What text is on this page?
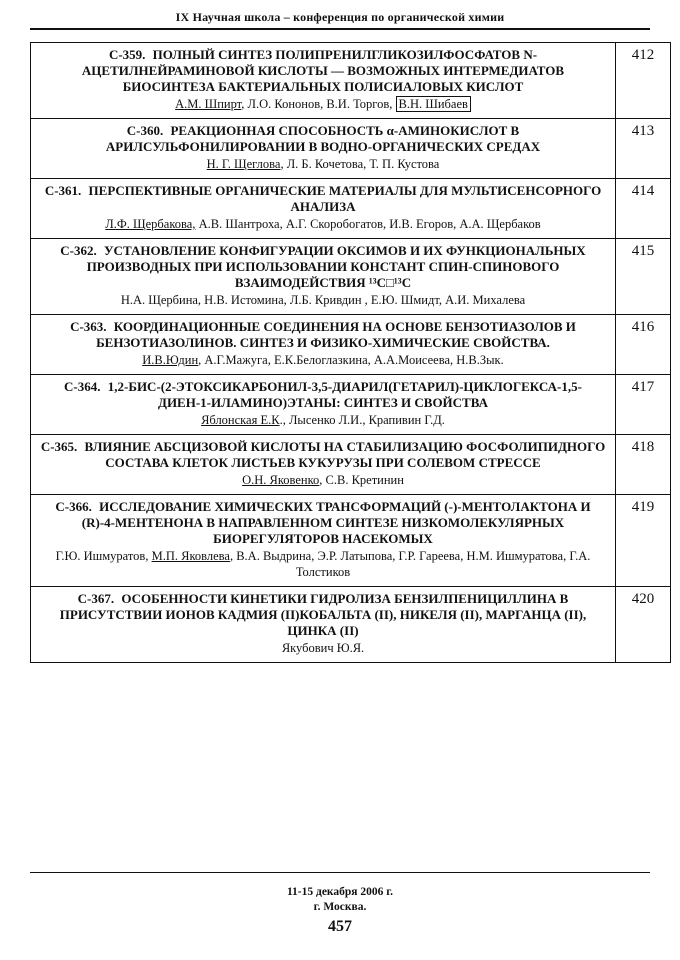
IX Научная школа – конференция по органической химии
С-359. ПОЛНЫЙ СИНТЕЗ ПОЛИПРЕНИЛГЛИКОЗИЛФОСФАТОВ N-АЦЕТИЛНЕЙРАМИНОВОЙ КИСЛОТЫ — ВОЗМОЖНЫХ ИНТЕРМЕДИАТОВ БИОСИНТЕЗА БАКТЕРИАЛЬНЫХ ПОЛИСИАЛОВЫХ КИСЛОТ
А.М. Шпирт, Л.О. Кононов, В.И. Торгов, В.Н. Шибаев	412

С-360. РЕАКЦИОННАЯ СПОСОБНОСТЬ α-АМИНОКИСЛОТ В АРИЛСУЛЬФОНИЛИРОВАНИИ В ВОДНО-ОРГАНИЧЕСКИХ СРЕДАХ
Н. Г. Щеглова, Л. Б. Кочетова, Т. П. Кустова	413

С-361. ПЕРСПЕКТИВНЫЕ ОРГАНИЧЕСКИЕ МАТЕРИАЛЫ ДЛЯ МУЛЬТИСЕНСОРНОГО АНАЛИЗА
Л.Ф. Щербакова, А.В. Шантроха, А.Г. Скоробогатов, И.В. Егоров, А.А. Щербаков	414

С-362. УСТАНОВЛЕНИЕ КОНФИГУРАЦИИ ОКСИМОВ И ИХ ФУНКЦИОНАЛЬНЫХ ПРОИЗВОДНЫХ ПРИ ИСПОЛЬЗОВАНИИ КОНСТАНТ СПИН-СПИНОВОГО ВЗАИМОДЕЙСТВИЯ ¹³C□¹³C
Н.А. Щербина, Н.В. Истомина, Л.Б. Кривдин , Е.Ю. Шмидт, А.И. Михалева	415

С-363. КООРДИНАЦИОННЫЕ СОЕДИНЕНИЯ НА ОСНОВЕ БЕНЗОТИАЗОЛОВ И БЕНЗОТИАЗОЛИНОВ. СИНТЕЗ И ФИЗИКО-ХИМИЧЕСКИЕ СВОЙСТВА.
И.В.Юдин, А.Г.Мажуга, Е.К.Белоглазкина, А.А.Моисеева, Н.В.Зык.	416

С-364. 1,2-БИС-(2-ЭТОКСИКАРБОНИЛ-3,5-ДИАРИЛ(ГЕТАРИЛ)-ЦИКЛОГЕКСА-1,5-ДИЕН-1-ИЛАМИНО)ЭТАНЫ: СИНТЕЗ И СВОЙСТВА
Яблонская Е.К., Лысенко Л.И., Крапивин Г.Д.	417

С-365. ВЛИЯНИЕ АБСЦИЗОВОЙ КИСЛОТЫ НА СТАБИЛИЗАЦИЮ ФОСФОЛИПИДНОГО СОСТАВА КЛЕТОК ЛИСТЬЕВ КУКУРУЗЫ ПРИ СОЛЕВОМ СТРЕССЕ
О.Н. Яковенко, С.В. Кретинин	418

С-366. ИССЛЕДОВАНИЕ ХИМИЧЕСКИХ ТРАНСФОРМАЦИЙ (-)-МЕНТОЛАКТОНА И (R)-4-МЕНТЕНОНА В НАПРАВЛЕННОМ СИНТЕЗЕ НИЗКОМОЛЕКУЛЯРНЫХ БИОРЕГУЛЯТОРОВ НАСЕКОМЫХ
Г.Ю. Ишмуратов, М.П. Яковлева, В.А. Выдрина, Э.Р. Латыпова, Г.Р. Гареева, Н.М. Ишмуратова, Г.А. Толстиков	419

С-367. ОСОБЕННОСТИ КИНЕТИКИ ГИДРОЛИЗА БЕНЗИЛПЕНИЦИЛЛИНА В ПРИСУТСТВИИ ИОНОВ КАДМИЯ (II)КОБАЛЬТА (II), НИКЕЛЯ (II), МАРГАНЦА (II), ЦИНКА (II)
Якубович Ю.Я.	420
11-15 декабря 2006 г.
г. Москва.
457
